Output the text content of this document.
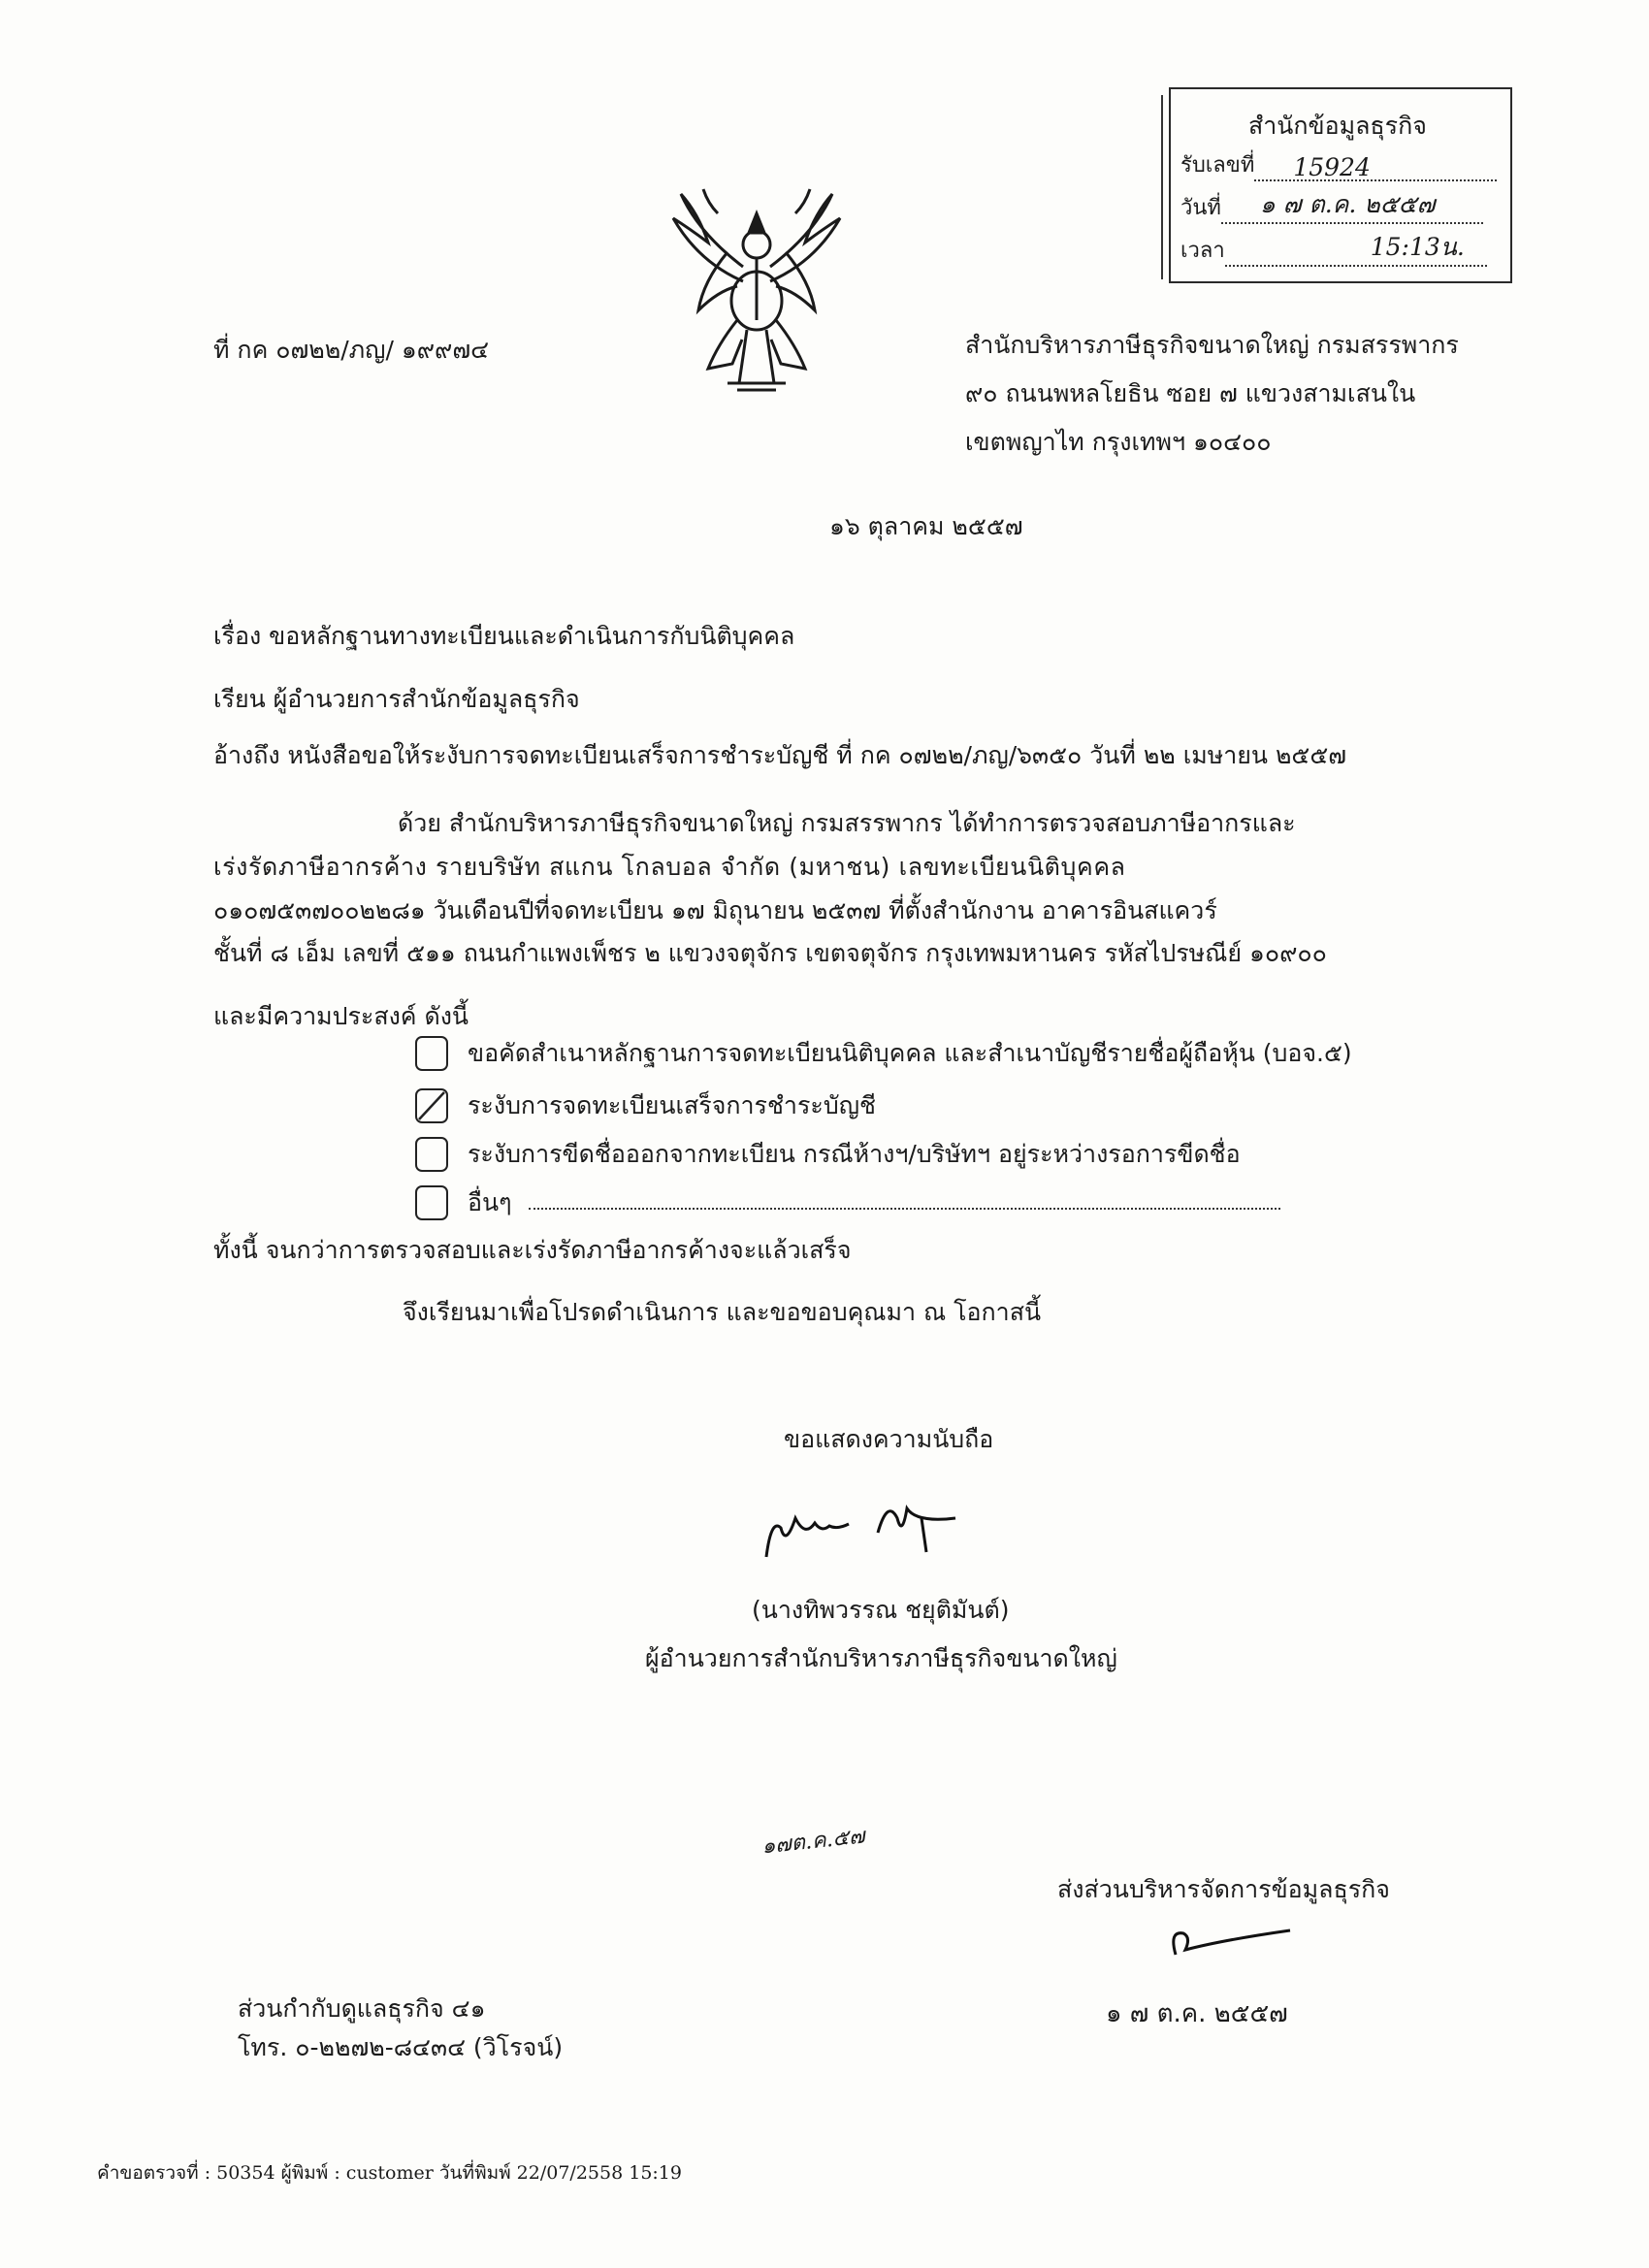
สำนักข้อมูลธุรกิจ
รับเลขที่ 15924
วันที่ ๑ ๗ ต.ค. ๒๕๕๗
เวลา	15:13น.
ที่ กค ๐๗๒๒/ภญ/ ๑๙๙๗๔	สำนักบริหารภาษีธุรกิจขนาดใหญ่ กรมสรรพากร
๙๐ ถนนพหลโยธิน ซอย ๗ แขวงสามเสนใน
เขตพญาไท กรุงเทพฯ ๑๐๔๐๐
๑๖ ตุลาคม ๒๕๕๗
เรื่อง ขอหลักฐานทางทะเบียนและดำเนินการกับนิติบุคคล
เรียน ผู้อำนวยการสำนักข้อมูลธุรกิจ
อ้างถึง หนังสือขอให้ระงับการจดทะเบียนเสร็จการชำระบัญชี ที่ กค ๐๗๒๒/ภญ/๖๓๕๐ วันที่ ๒๒ เมษายน ๒๕๕๗
ด้วย สำนักบริหารภาษีธุรกิจขนาดใหญ่ กรมสรรพากร ได้ทำการตรวจสอบภาษีอากรและ
เร่งรัดภาษีอากรค้าง รายบริษัท สแกน โกลบอล จำกัด (มหาชน) เลขทะเบียนนิติบุคคล
๐๑๐๗๕๓๗๐๐๒๒๘๑ วันเดือนปีที่จดทะเบียน ๑๗ มิถุนายน ๒๕๓๗ ที่ตั้งสำนักงาน อาคารอินสแควร์
ชั้นที่ ๘ เอ็ม เลขที่ ๕๑๑ ถนนกำแพงเพ็ชร ๒ แขวงจตุจักร เขตจตุจักร กรุงเทพมหานคร รหัสไปรษณีย์ ๑๐๙๐๐
และมีความประสงค์ ดังนี้
ขอคัดสำเนาหลักฐานการจดทะเบียนนิติบุคคล และสำเนาบัญชีรายชื่อผู้ถือหุ้น (บอจ.๕)
ระงับการจดทะเบียนเสร็จการชำระบัญชี
ระงับการขีดชื่อออกจากทะเบียน กรณีห้างฯ/บริษัทฯ อยู่ระหว่างรอการขีดชื่อ
อื่นๆ
ทั้งนี้ จนกว่าการตรวจสอบและเร่งรัดภาษีอากรค้างจะแล้วเสร็จ
จึงเรียนมาเพื่อโปรดดำเนินการ และขอขอบคุณมา ณ โอกาสนี้
ขอแสดงความนับถือ
(นางทิพวรรณ ชยุติมันต์)
ผู้อำนวยการสำนักบริหารภาษีธุรกิจขนาดใหญ่
๑๗ต.ค.๕๗
ส่งส่วนบริหารจัดการข้อมูลธุรกิจ
๑ ๗ ต.ค. ๒๕๕๗
ส่วนกำกับดูแลธุรกิจ ๔๑
โทร. ๐-๒๒๗๒-๘๔๓๔ (วิโรจน์)
คำขอตรวจที่ : 50354 ผู้พิมพ์ : customer วันที่พิมพ์ 22/07/2558 15:19
